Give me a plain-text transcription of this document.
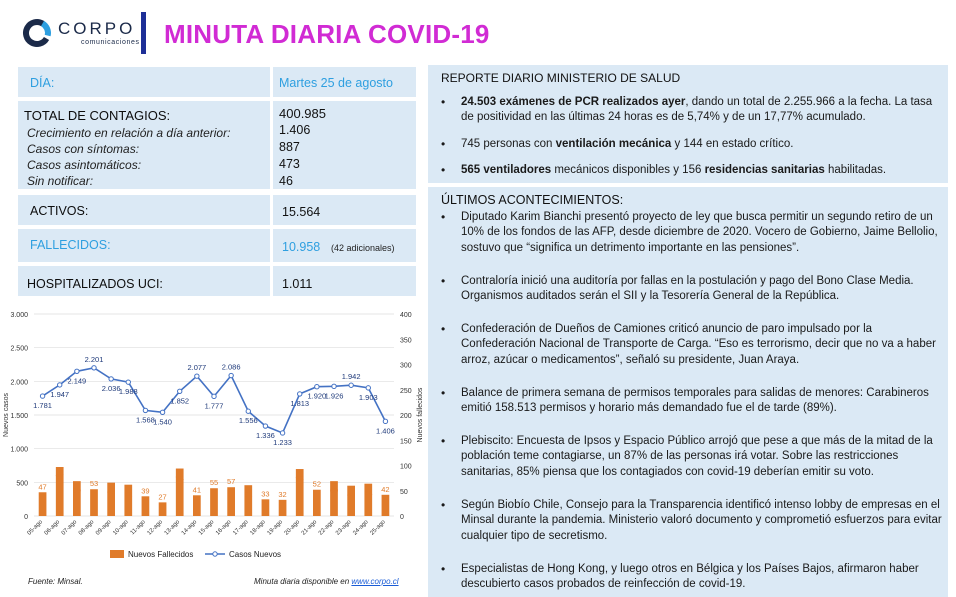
CORPO
comunicaciones MINUTA DIARIA COVID-19
DÍA:	Martes 25 de agosto
TOTAL DE CONTAGIOS:	400.985
Crecimiento en relación a día anterior:	1.406
Casos con síntomas:	887
Casos asintomáticos:	473
Sin notificar:	46
ACTIVOS:	15.564
FALLECIDOS:	10.958 (42 adicionales)
HOSPITALIZADOS UCI:	1.011
REPORTE DIARIO MINISTERIO DE SALUD
• 24.503 exámenes de PCR realizados ayer, dando un total de 2.255.966 a la fecha. La tasa de positividad en las últimas 24 horas es de 5,74% y de un 17,77% acumulado.
• 745 personas con ventilación mecánica y 144 en estado crítico.
• 565 ventiladores mecánicos disponibles y 156 residencias sanitarias habilitadas.
ÚLTIMOS ACONTECIMIENTOS:
• Diputado Karim Bianchi presentó proyecto de ley que busca permitir un segundo retiro de un 10% de los fondos de las AFP, desde diciembre de 2020. Vocero de Gobierno, Jaime Bellolio, sostuvo que “significa un detrimento importante en las pensiones”.
• Contraloría inició una auditoría por fallas en la postulación y pago del Bono Clase Media. Organismos auditados serán el SII y la Tesorería General de la República.
• Confederación de Dueños de Camiones criticó anuncio de paro impulsado por la Confederación Nacional de Transporte de Carga. “Eso es terrorismo, decir que no va a haber arroz, azúcar o medicamentos”, señaló su presidente, Juan Araya.
• Balance de primera semana de permisos temporales para salidas de menores: Carabineros emitió 158.513 permisos y horario más demandado fue el de tarde (89%).
• Plebiscito: Encuesta de Ipsos y Espacio Público arrojó que pese a que más de la mitad de la población teme contagiarse, un 87% de las personas irá votar. Sobre las restricciones sanitarias, 85% piensa que los contagiados con covid-19 deberían emitir su voto.
• Según Biobío Chile, Consejo para la Transparencia identificó intenso lobby de empresas en el Minsal durante la pandemia. Ministerio valoró documento y comprometió esfuerzos para evitar cualquier tipo de secretismo.
• Especialistas de Hong Kong, y luego otros en Bélgica y los Países Bajos, afirmaron haber descubierto casos probados de reinfección de covid-19.
0
500
1.000
1.500
2.000
2.500
3.000
0
50
100
150
200
250
300
350
400
Nuevos casos	Nuevos fallecidos
47
97
69
53
66 62 39
27
94
41
55 57
61 33 32
93
52
69
60 64 42
1.781
1.947
2.149
2.201
2.036
1.988
1.568
1.540
1.852
2.077
1.777
2.086
1.556
1.336
1.233
1.813
1.920
1.926
1.942
1.903
1.406
05-ago 06-ago 07-ago 08-ago 09-ago 10-ago 11-ago 12-ago 13-ago 14-ago 15-ago 16-ago 17-ago 18-ago 19-ago 20-ago 21-ago 22-ago 23-ago 24-ago 25-ago
Nuevos Fallecidos	Casos Nuevos
Fuente: Minsal.	Minuta diaria disponible en www.corpo.cl
